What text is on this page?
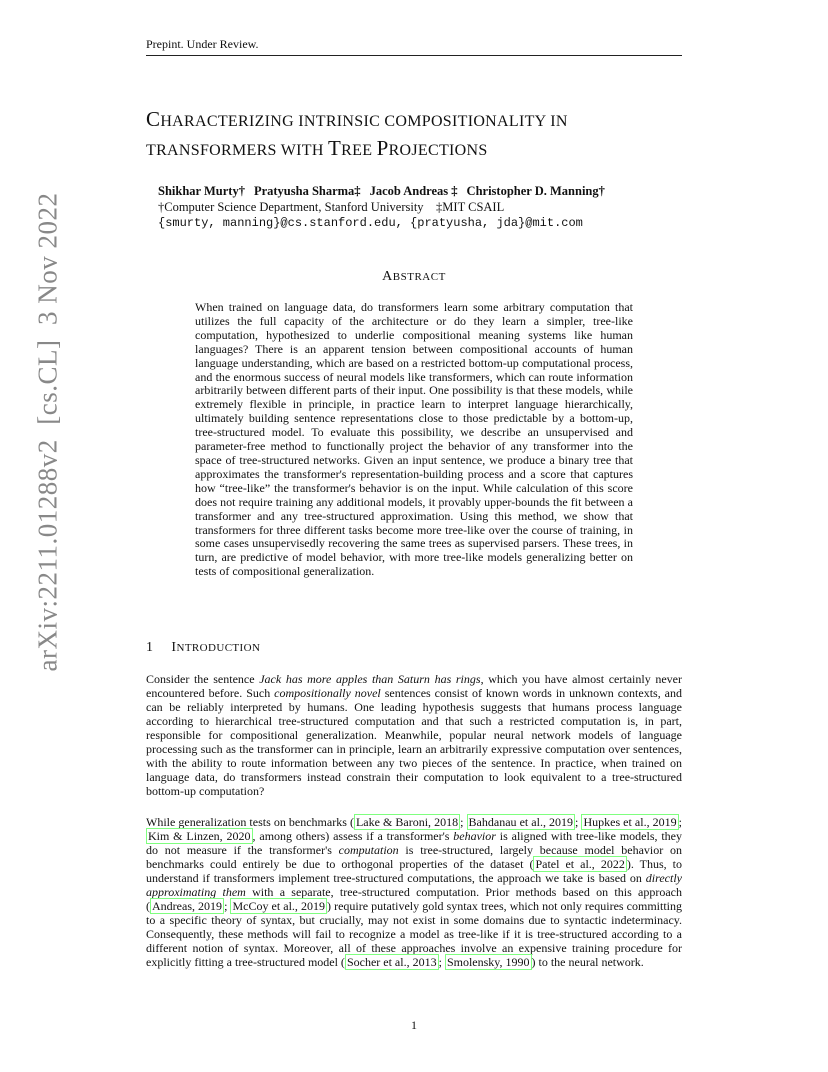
Prepint. Under Review.
CHARACTERIZING INTRINSIC COMPOSITIONALITY IN
TRANSFORMERS WITH TREE PROJECTIONS
Shikhar Murty† Pratyusha Sharma‡ Jacob Andreas ‡ Christopher D. Manning†
†Computer Science Department, Stanford University    ‡MIT CSAIL
{smurty, manning}@cs.stanford.edu, {pratyusha, jda}@mit.com
arXiv:2211.01288v2  [cs.CL]  3 Nov 2022	ABSTRACT
When trained on language data, do transformers learn some arbitrary computation that utilizes the full capacity of the architecture or do they learn a simpler, tree-like computation, hypothesized to underlie compositional meaning systems like human languages? There is an apparent tension between compositional accounts of human language understanding, which are based on a restricted bottom-up computational process, and the enormous success of neural models like transformers, which can route information arbitrarily between different parts of their input. One possibility is that these models, while extremely flexible in principle, in practice learn to interpret language hierarchically, ultimately building sentence representations close to those predictable by a bottom-up, tree-structured model. To evaluate this possibility, we describe an unsupervised and parameter-free method to functionally project the behavior of any transformer into the space of tree-structured networks. Given an input sentence, we produce a binary tree that approximates the transformer's representation-building process and a score that captures how “tree-like” the transformer's behavior is on the input. While calculation of this score does not require training any additional models, it provably upper-bounds the fit between a transformer and any tree-structured approximation. Using this method, we show that transformers for three different tasks become more tree-like over the course of training, in some cases unsupervisedly recovering the same trees as supervised parsers. These trees, in turn, are predictive of model behavior, with more tree-like models generalizing better on tests of compositional generalization.
1 INTRODUCTION
Consider the sentence Jack has more apples than Saturn has rings, which you have almost certainly never encountered before. Such compositionally novel sentences consist of known words in unknown contexts, and can be reliably interpreted by humans. One leading hypothesis suggests that humans process language according to hierarchical tree-structured computation and that such a restricted computation is, in part, responsible for compositional generalization. Meanwhile, popular neural network models of language processing such as the transformer can in principle, learn an arbitrarily expressive computation over sentences, with the ability to route information between any two pieces of the sentence. In practice, when trained on language data, do transformers instead constrain their computation to look equivalent to a tree-structured bottom-up computation?
While generalization tests on benchmarks ( Lake & Baroni, 2018 ; Bahdanau et al., 2019 ; Hupkes et al., 2019 ; Kim & Linzen, 2020 , among others) assess if a transformer's behavior is aligned with tree-like models, they do not measure if the transformer's computation is tree-structured, largely because model behavior on benchmarks could entirely be due to orthogonal properties of the dataset ( Patel et al., 2022 ). Thus, to understand if transformers implement tree-structured computations, the approach we take is based on directly approximating them with a separate, tree-structured computation. Prior methods based on this approach ( Andreas, 2019 ; McCoy et al., 2019 ) require putatively gold syntax trees, which not only requires committing to a specific theory of syntax, but crucially, may not exist in some domains due to syntactic indeterminacy. Consequently, these methods will fail to recognize a model as tree-like if it is tree-structured according to a different notion of syntax. Moreover, all of these approaches involve an expensive training procedure for explicitly fitting a tree-structured model ( Socher et al., 2013 ; Smolensky, 1990 ) to the neural network.
1
